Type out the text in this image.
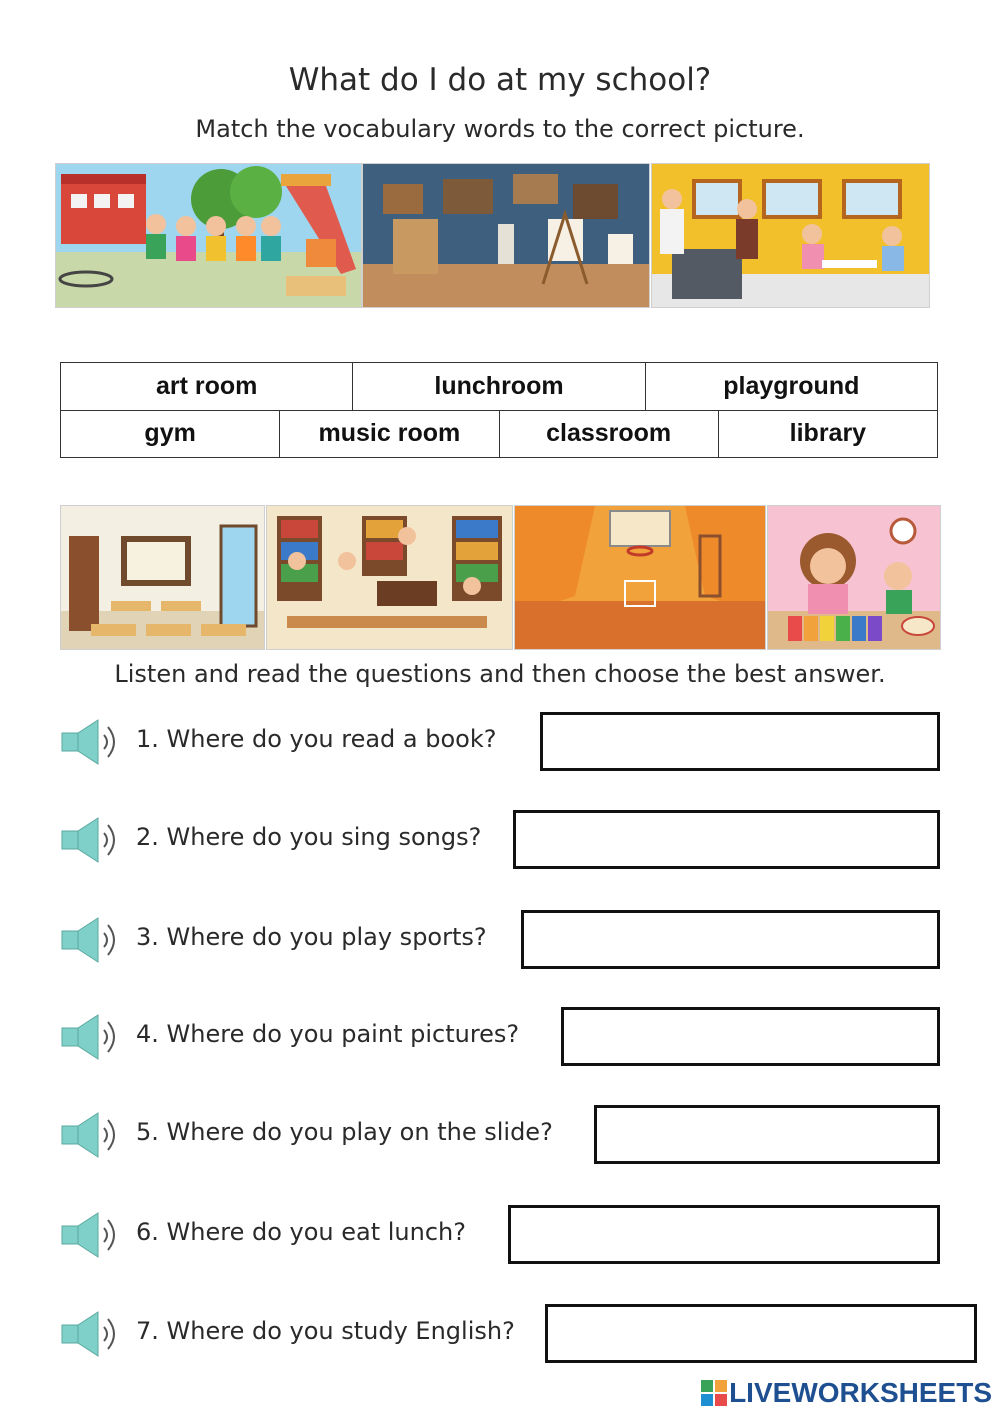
What do I do at my school?
Match the vocabulary words to the correct picture.
art room	lunchroom	playground
gym	music room	classroom	library
Listen and read the questions and then choose the best answer.
1. Where do you read a book?
2. Where do you sing songs?
3. Where do you play sports?
4. Where do you paint pictures?
5. Where do you play on the slide?
6. Where do you eat lunch?
7. Where do you study English?
LIVEWORKSHEETS
